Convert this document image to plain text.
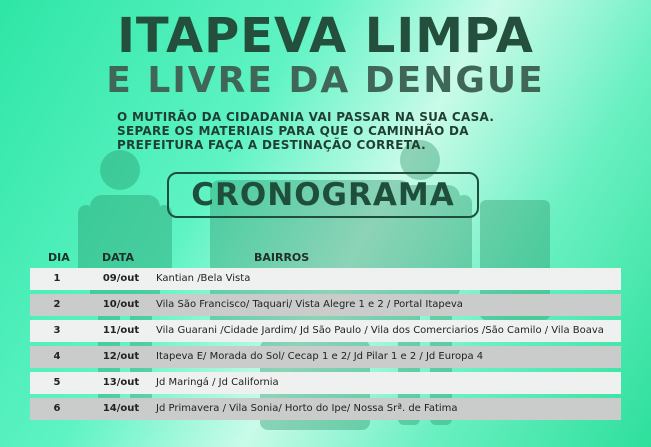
ITAPEVA LIMPA
E LIVRE DA DENGUE
O MUTIRÃO DA CIDADANIA VAI PASSAR NA SUA CASA.
SEPARE OS MATERIAIS PARA QUE O CAMINHÃO DA
PREFEITURA FAÇA A DESTINAÇÃO CORRETA.
CRONOGRAMA
DIA	DATA	BAIRROS
1	09/out	Kantian /Bela Vista
2	10/out	Vila São Francisco/ Taquari/ Vista Alegre 1 e 2 / Portal Itapeva
3	11/out	Vila Guarani /Cidade Jardim/ Jd São Paulo / Vila dos Comerciarios /São Camilo / Vila Boava
4	12/out	Itapeva E/ Morada do Sol/ Cecap 1 e 2/ Jd Pilar 1 e 2 / Jd Europa 4
5	13/out	Jd Maringá / Jd California
6	14/out	Jd Primavera / Vila Sonia/ Horto do Ipe/ Nossa Srª. de Fatima
